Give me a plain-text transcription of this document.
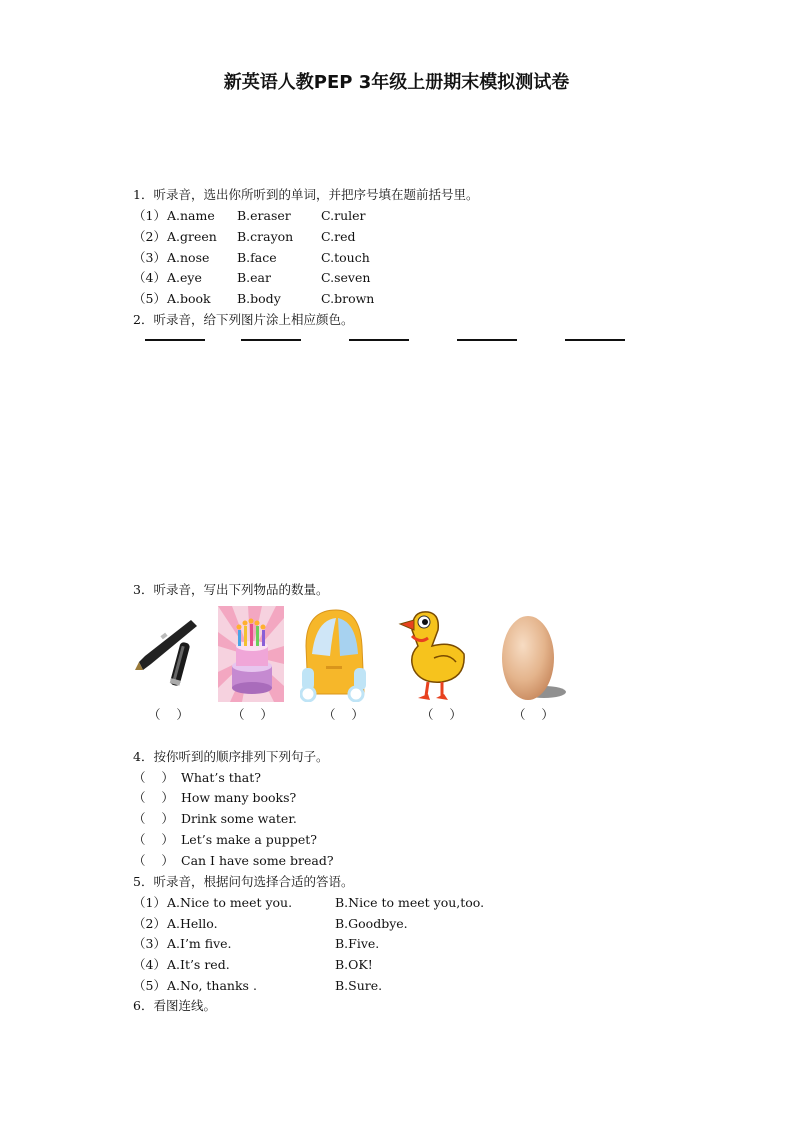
新英语人教PEP 3年级上册期末模拟测试卷
1．听录音，选出你所听到的单词，并把序号填在题前括号里。
（1） A.name B.eraser C.ruler
（2） A.green B.crayon C.red
（3） A.nose B.face	C.touch
（4） A.eye	B.ear	C.seven
（5） A.book B.body	C.brown
2．听录音，给下列图片涂上相应颜色。
3．听录音，写出下列物品的数量。
（    ）	（    ）	（    ）	（    ）	（    ）
4．按你听到的顺序排列下列句子。
（    ） What’s that?
（    ） How many books?
（    ） Drink some water.
（    ） Let’s make a puppet?
（    ） Can I have some bread?
5．听录音，根据问句选择合适的答语。
（1） A.Nice to meet you.	B.Nice to meet you,too.
（2） A.Hello.	B.Goodbye.
（3） A.I’m five.	B.Five.
（4） A.It’s red.	B.OK!
（5） A.No, thanks .	B.Sure.
6．看图连线。
